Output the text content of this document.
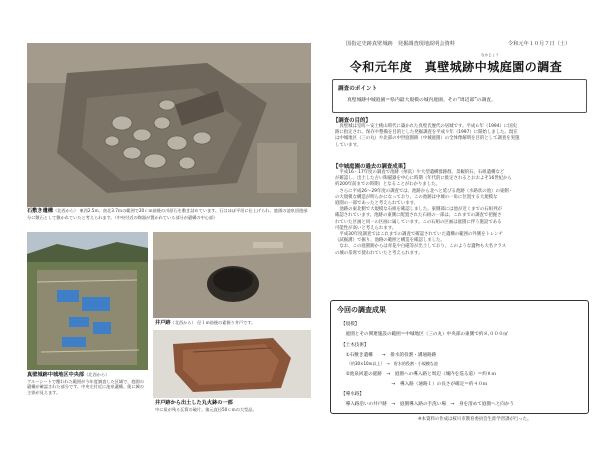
国指定史跡真壁城跡　発掘調査現地説明会資料	令和元年１０月７日（土）
なかじょう
令和元年度　真壁城跡中城庭園の調査
調査のポイント
真壁城跡中城庭園＝県内最大規模の城内庭園、その“周辺部”の調査。
【調査の目的】
　真壁城は室町～安土桃山時代に築かれた真壁氏歴代の居城です。平成６年（1994）に国史
跡に指定され、保存や整備を目的とした発掘調査を平成９年（1997）に開始しました。現在
は中城地区（三の丸）や北部の中世庭園跡（中城庭園）の全体像解明を目的として調査を実施
しています。
【中城庭園の過去の調査成果】
　平成16・17年度の調査で池跡（州浜）や大型遺構群跡群、景観的石、石組遺構など
が確認し、出土した古い陶磁器を中心に時期（年代的に推定されるとおおよそ16世紀から
約200年前までの時期）となることがわかりました。
　さらに平成26～29年度の調査では、池跡から北へと延びる池跡（水路状の池）の東側・
の大規模な構造が明らかになっており、この池跡は中城の一角に位置する大規模な
庭園の一部であったと考えられています。
　池跡の東北側で大規模な石組を確認しました。東側部には池が近くまでの石組列が
確認されています。池跡の東側に配置された石組の一部は、これまでの調査で把握さ
れていた区画と同一の区画に属しています。この石組の区画は庭園に伴う施設である
可能性が高いと考えられます。
　平成30年度調査ではこれまでの調査で確認されていた遺構の範囲の外側をトレンチ
（試掘溝）で掘り、池跡の範囲と構造を確認しました。
　なお、この庭園跡からは青花や白磁等が出土しており、このような遺物も大名クラス
の城の茶席で使われていたと考えられます。
今回の調査成果
【規模】
　庭園とその関連施設の範囲＝中城地区（三の丸）中央部の東側で約８,０００㎡
【土木技術】
　①石敷き遺構　　→　排水的役割・溝通路跡
　　（約30×10ｍ以上）　→　貯水的役割・小規模な池
　②池泉回遊の庭跡　→　庭園への導入路と周辺（城内を巡る道）＝約８ｍ
　　　　　　　　　　　→　導入路（通路１）の長さが確定＝約４０ｍ
【導水路】
　導入路沿いの井戸跡　→　庭園導入路の手洗い場　→　身を清めて庭園へと向かう
※本資料の作成は桜川市教育委員会生涯学習課が行った。
石敷き遺構（北西から） 東西2.5ｍ、南北3.7ｍの範囲で20ｃｍ前後の川原石を敷き詰めています。石はほぼ平坦に仕上げられ、庭園の池泉回遊部分に敷石として敷かれていたと考えられます。（中央付近の陶器が置かれている部分が遺構の中心部）
真壁城跡中城地区中央部（北西から）
ブルーシートで覆われた範囲が今年度調査した区域で、庭園の遺構が確認された部分です。中央左付近に池泉遺構、奥に城の主郭が見えます。
井戸跡（北西から） 径１ｍ前後の素掘り井戸です。
井戸跡から出土した丸火鉢の一部
中に炭が残る瓦質の破片。復元直径50ｃｍの大型品。
